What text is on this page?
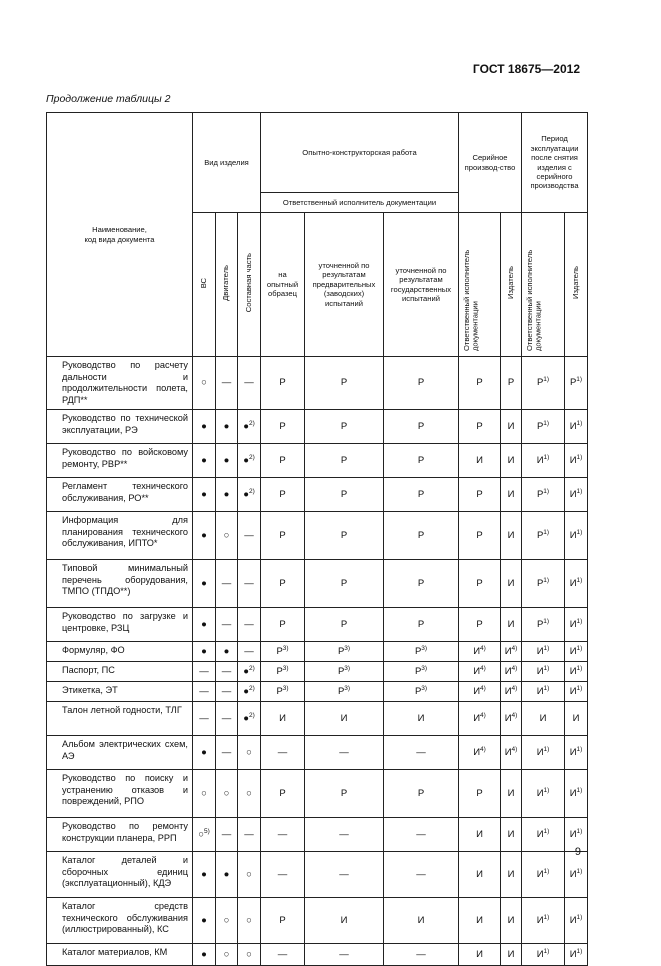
ГОСТ 18675—2012
Продолжение таблицы 2
Наименование,
код вида документа	Вид изделия			Опытно-конструкторская работа			Серийное производ-ство		Период эксплуатации после снятия изделия с серийного производства	
				Ответственный исполнитель документации						
	ВС	Двигатель	Составная часть	на опытный образец	уточненной по результатам предварительных (заводских) испытаний	уточненной по результатам государственных испытаний	Ответственный исполнитель документации	Издатель	Ответственный исполнитель документации	Издатель
Руководство по расчету дальности и продолжительности полета, РДП**	○	—	—	Р	Р	Р	Р	Р	$Р^{1)}$	$Р^{1)}$
Руководство по технической эксплуатации, РЭ	●	●	●$^{2)}$	Р	Р	Р	Р	И	$Р^{1)}$	$И^{1)}$
Руководство по войсковому ремонту, РВР**	●	●	●$^{2)}$	Р	Р	Р	И	И	$И^{1)}$	$И^{1)}$
Регламент технического обслуживания, РО**	●	●	●$^{2)}$	Р	Р	Р	Р	И	$Р^{1)}$	$И^{1)}$
Информация для планирования технического обслуживания, ИПТО*	●	○	—	Р	Р	Р	Р	И	$Р^{1)}$	$И^{1)}$
Типовой минимальный перечень оборудования, ТМПО (ТПДО**)	●	—	—	Р	Р	Р	Р	И	$Р^{1)}$	$И^{1)}$
Руководство по загрузке и центровке, РЗЦ	●	—	—	Р	Р	Р	Р	И	$Р^{1)}$	$И^{1)}$
Формуляр, ФО	●	●	—	$Р^{3)}$	$Р^{3)}$	$Р^{3)}$	$И^{4)}$	$И^{4)}$	$И^{1)}$	$И^{1)}$
Паспорт, ПС	—	—	●$^{2)}$	$Р^{3)}$	$Р^{3)}$	$Р^{3)}$	$И^{4)}$	$И^{4)}$	$И^{1)}$	$И^{1)}$
Этикетка, ЭТ	—	—	●$^{2)}$	$Р^{3)}$	$Р^{3)}$	$Р^{3)}$	$И^{4)}$	$И^{4)}$	$И^{1)}$	$И^{1)}$
Талон летной годности, ТЛГ	—	—	●$^{2)}$	И	И	И	$И^{4)}$	$И^{4)}$	И	И
Альбом электрических схем, АЭ	●	—	○	—	—	—	$И^{4)}$	$И^{4)}$	$И^{1)}$	$И^{1)}$
Руководство по поиску и устранению отказов и повреждений, РПО	○	○	○	Р	Р	Р	Р	И	$И^{1)}$	$И^{1)}$
Руководство по ремонту конструкции планера, РРП	○$^{5)}$	—	—	—	—	—	И	И	$И^{1)}$	$И^{1)}$
Каталог деталей и сборочных единиц (эксплуатационный), КДЭ	●	●	○	—	—	—	И	И	$И^{1)}$	$И^{1)}$
Каталог средств технического обслуживания (иллюстрированный), КС	●	○	○	Р	И	И	И	И	$И^{1)}$	$И^{1)}$
Каталог материалов, КМ	●	○	○	—	—	—	И	И	$И^{1)}$	$И^{1)}$
9
